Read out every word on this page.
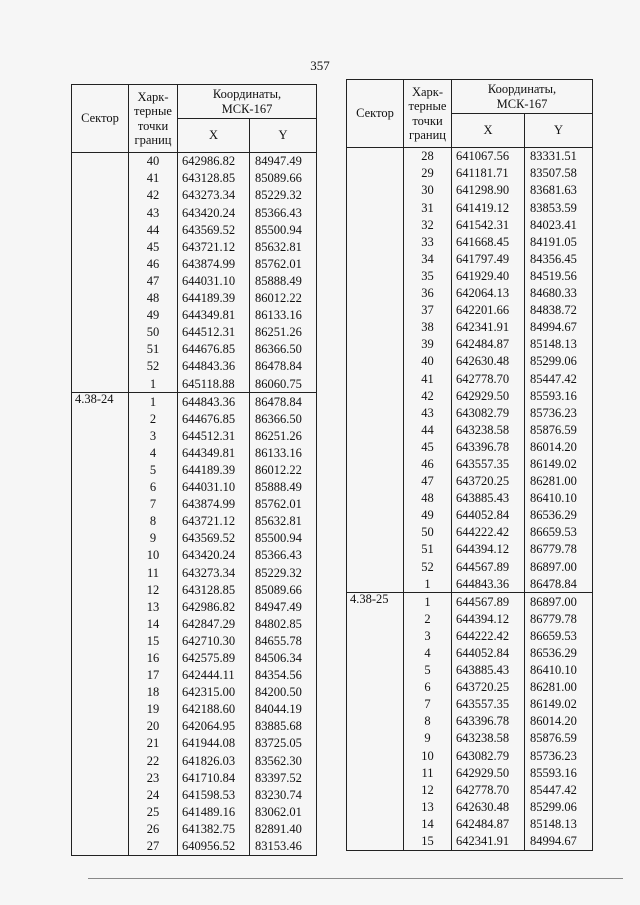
357
Сектор	Харк-
терные
точки
границ	Координаты,
МСК-167	
		X	Y
	40	642986.82	84947.49
	41	643128.85	85089.66
	42	643273.34	85229.32
	43	643420.24	85366.43
	44	643569.52	85500.94
	45	643721.12	85632.81
	46	643874.99	85762.01
	47	644031.10	85888.49
	48	644189.39	86012.22
	49	644349.81	86133.16
	50	644512.31	86251.26
	51	644676.85	86366.50
	52	644843.36	86478.84
	1	645118.88	86060.75
4.38-24	1	644843.36	86478.84
	2	644676.85	86366.50
	3	644512.31	86251.26
	4	644349.81	86133.16
	5	644189.39	86012.22
	6	644031.10	85888.49
	7	643874.99	85762.01
	8	643721.12	85632.81
	9	643569.52	85500.94
	10	643420.24	85366.43
	11	643273.34	85229.32
	12	643128.85	85089.66
	13	642986.82	84947.49
	14	642847.29	84802.85
	15	642710.30	84655.78
	16	642575.89	84506.34
	17	642444.11	84354.56
	18	642315.00	84200.50
	19	642188.60	84044.19
	20	642064.95	83885.68
	21	641944.08	83725.05
	22	641826.03	83562.30
	23	641710.84	83397.52
	24	641598.53	83230.74
	25	641489.16	83062.01
	26	641382.75	82891.40
	27	640956.52	83153.46
Сектор	Харк-
терные
точки
границ	Координаты,
МСК-167	
		X	Y
	28	641067.56	83331.51
	29	641181.71	83507.58
	30	641298.90	83681.63
	31	641419.12	83853.59
	32	641542.31	84023.41
	33	641668.45	84191.05
	34	641797.49	84356.45
	35	641929.40	84519.56
	36	642064.13	84680.33
	37	642201.66	84838.72
	38	642341.91	84994.67
	39	642484.87	85148.13
	40	642630.48	85299.06
	41	642778.70	85447.42
	42	642929.50	85593.16
	43	643082.79	85736.23
	44	643238.58	85876.59
	45	643396.78	86014.20
	46	643557.35	86149.02
	47	643720.25	86281.00
	48	643885.43	86410.10
	49	644052.84	86536.29
	50	644222.42	86659.53
	51	644394.12	86779.78
	52	644567.89	86897.00
	1	644843.36	86478.84
4.38-25	1	644567.89	86897.00
	2	644394.12	86779.78
	3	644222.42	86659.53
	4	644052.84	86536.29
	5	643885.43	86410.10
	6	643720.25	86281.00
	7	643557.35	86149.02
	8	643396.78	86014.20
	9	643238.58	85876.59
	10	643082.79	85736.23
	11	642929.50	85593.16
	12	642778.70	85447.42
	13	642630.48	85299.06
	14	642484.87	85148.13
	15	642341.91	84994.67
